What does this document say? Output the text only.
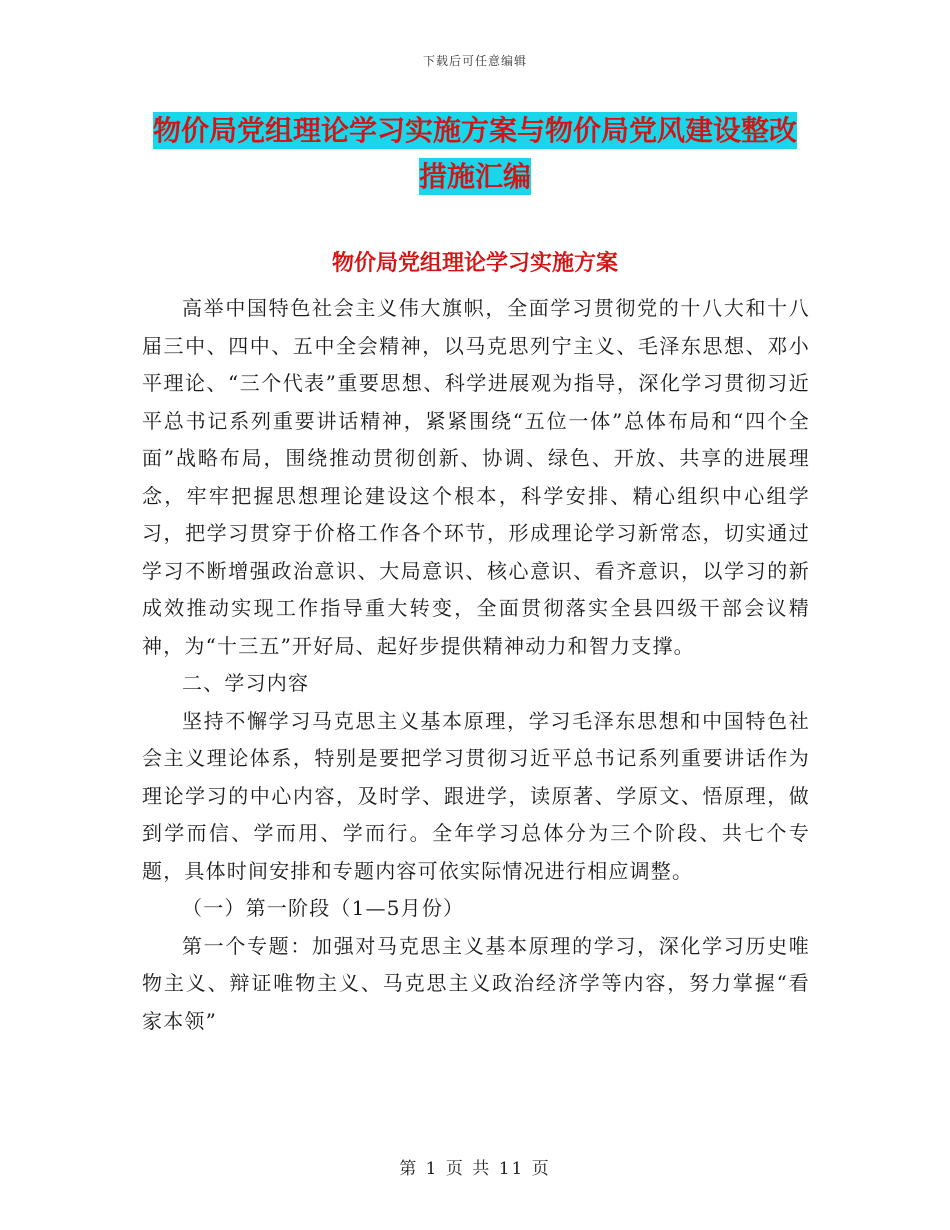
下载后可任意编辑
物价局党组理论学习实施方案与物价局党风建设整改
措施汇编
物价局党组理论学习实施方案

高举中国特色社会主义伟大旗帜，全面学习贯彻党的十八大和十八届三中、四中、五中全会精神，以马克思列宁主义、毛泽东思想、邓小平理论、“三个代表”重要思想、科学进展观为指导，深化学习贯彻习近平总书记系列重要讲话精神，紧紧围绕“五位一体”总体布局和“四个全面”战略布局，围绕推动贯彻创新、协调、绿色、开放、共享的进展理念，牢牢把握思想理论建设这个根本，科学安排、精心组织中心组学习，把学习贯穿于价格工作各个环节，形成理论学习新常态，切实通过学习不断增强政治意识、大局意识、核心意识、看齐意识，以学习的新成效推动实现工作指导重大转变，全面贯彻落实全县四级干部会议精神，为“十三五”开好局、起好步提供精神动力和智力支撑。

二、学习内容

坚持不懈学习马克思主义基本原理，学习毛泽东思想和中国特色社会主义理论体系，特别是要把学习贯彻习近平总书记系列重要讲话作为理论学习的中心内容，及时学、跟进学，读原著、学原文、悟原理，做到学而信、学而用、学而行。全年学习总体分为三个阶段、共七个专题，具体时间安排和专题内容可依实际情况进行相应调整。

（一）第一阶段（1—5月份）

第一个专题：加强对马克思主义基本原理的学习，深化学习历史唯物主义、辩证唯物主义、马克思主义政治经济学等内容，努力掌握“看家本领”

第 1 页 共 11 页
